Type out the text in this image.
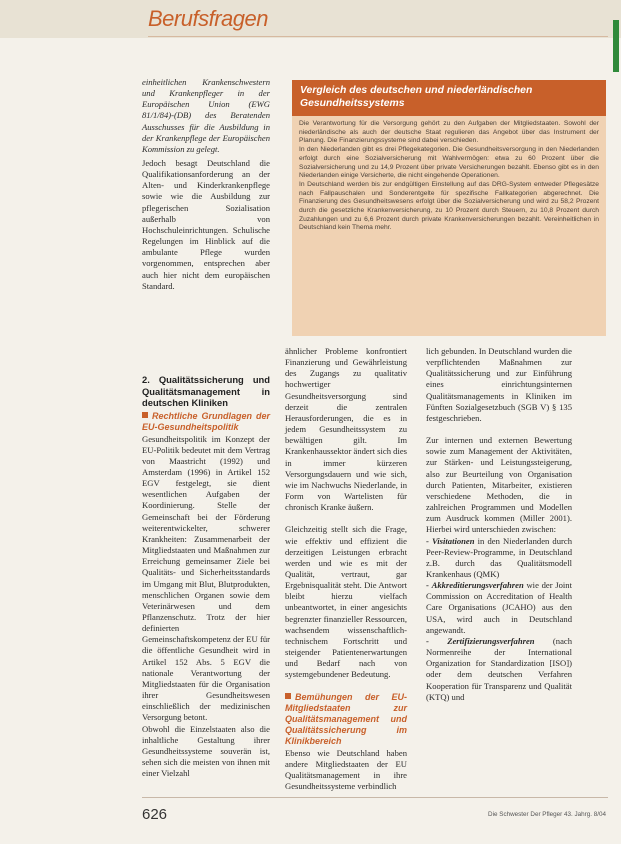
Berufsfragen

einheitlichen Krankenschwestern und Krankenpfleger in der Europäischen Union (EWG 81/1/84)-(DB) des Beratenden Ausschusses für die Ausbildung in der Krankenpflege der Europäischen Kommission zu gelegt.

Jedoch besagt Deutschland die Qualifikationsanforderung an der Alten- und Kinderkrankenpflege sowie wie die Ausbildung zur pflegerischen Sozialisation außerhalb von Hochschuleinrichtungen. Schulische Regelungen im Hinblick auf die ambulante Pflege wurden vorgenommen, entsprechen aber auch hier nicht dem europäischen Standard.

2. Qualitätssicherung und Qualitätsmanagement in deutschen Kliniken
Rechtliche Grundlagen der EU-Gesundheitspolitik

Gesundheitspolitik im Konzept der EU-Politik bedeutet mit dem Vertrag von Maastricht (1992) und Amsterdam (1996) in Artikel 152 EGV festgelegt, sie dient wesentlichen Aufgaben der Koordinierung. Stelle der Gemeinschaft bei der Förderung weiterentwickelter, schwerer Krankheiten: Zusammenarbeit der Mitgliedstaaten und Maßnahmen zur Erreichung gemeinsamer Ziele bei Qualitäts- und Sicherheitsstandards im Umgang mit Blut, Blutprodukten, menschlichen Organen sowie dem Veterinärwesen und dem Pflanzenschutz. Trotz der hier definierten Gemeinschaftskompetenz der EU für die öffentliche Gesundheit wird in Artikel 152 Abs. 5 EGV die nationale Verantwortung der Mitgliedstaaten für die Organisation ihrer Gesundheitswesen einschließlich der medizinischen Versorgung betont.

Obwohl die Einzelstaaten also die inhaltliche Gestaltung ihrer Gesundheitssysteme souverän ist, sehen sich die meisten von ihnen mit einer Vielzahl

Vergleich des deutschen und niederländischen Gesundheitssystems

Die Verantwortung für die Versorgung gehört zu den Aufgaben der Mitgliedstaaten. Sowohl der niederländische als auch der deutsche Staat regulieren das Angebot über das Instrument der Planung. Die Finanzierungssysteme sind dabei verschieden.

In den Niederlanden gibt es drei Pflegekategorien. Die Gesundheitsversorgung in den Niederlanden erfolgt durch eine Sozialversicherung mit Wahlvermögen: etwa zu 60 Prozent über die Sozialversicherung und zu 14,9 Prozent über private Versicherungen bezahlt. Ebenso gibt es in den Niederlanden einige Versicherte, die nicht eingehende Operationen.

In Deutschland werden bis zur endgültigen Einstellung auf das DRG-System entweder Pflegesätze nach Fallpauschalen und Sonderentgelte für spezifische Fallkategorien abgerechnet. Die Finanzierung des Gesundheitswesens erfolgt über die Sozialversicherung und wird zu 58,2 Prozent durch die gesetzliche Krankenversicherung, zu 10 Prozent durch Steuern, zu 10,8 Prozent durch Zuzahlungen und zu 6,6 Prozent durch private Krankenversicherungen bezahlt. Vereinheitlichen in Deutschland kein Thema mehr.

ähnlicher Probleme konfrontiert Finanzierung und Gewährleistung des Zugangs zu qualitativ hochwertiger Gesundheitsversorgung sind derzeit die zentralen Herausforderungen, die es in jedem Gesundheitssystem zu bewältigen gilt. Im Krankenhaussektor ändert sich dies in immer kürzeren Versorgungsdauern und wie sich, wie im Nachwuchs Niederlande, in Form von Wartelisten für chronisch Kranke äußern.

Gleichzeitig stellt sich die Frage, wie effektiv und effizient die derzeitigen Leistungen erbracht werden und wie es mit der Qualität, vertraut, gar Ergebnisqualität steht. Die Antwort bleibt hierzu vielfach unbeantwortet, in einer angesichts begrenzter finanzieller Ressourcen, wachsendem wissenschaftlich-technischem Fortschritt und steigender Patientenerwartungen und Bedarf nach von systemgebundener Bedeutung.

Bemühungen der EU-Mitgliedstaaten zur Qualitätsmanagement und Qualitätssicherung im Klinikbereich

Ebenso wie Deutschland haben andere Mitgliedstaaten der EU Qualitätsmanagement in ihre Gesundheitssysteme verbindlich

lich gebunden. In Deutschland wurden die verpflichtenden Maßnahmen zur Qualitätssicherung und zur Einführung eines einrichtungsinternen Qualitätsmanagements in Kliniken im Fünften Sozialgesetzbuch (SGB V) § 135 festgeschrieben.

Zur internen und externen Bewertung sowie zum Management der Aktivitäten, zur Stärken- und Leistungssteigerung, also zur Beurteilung von Organisation durch Patienten, Mitarbeiter, existieren verschiedene Methoden, die in zahlreichen Programmen und Modellen zum Ausdruck kommen (Miller 2001). Hierbei wird unterschieden zwischen:

- Visitationen in den Niederlanden durch Peer-Review-Programme, in Deutschland z.B. durch das Qualitätsmodell Krankenhaus (QMK)

- Akkreditierungsverfahren wie der Joint Commission on Accreditation of Health Care Organisations (JCAHO) aus den USA, wird auch in Deutschland angewandt.

- Zertifizierungsverfahren (nach Normenreihe der International Organization for Standardization [ISO]) oder dem deutschen Verfahren Kooperation für Transparenz und Qualität (KTQ) und

626	Die Schwester Der Pfleger 43. Jahrg. 8/04
